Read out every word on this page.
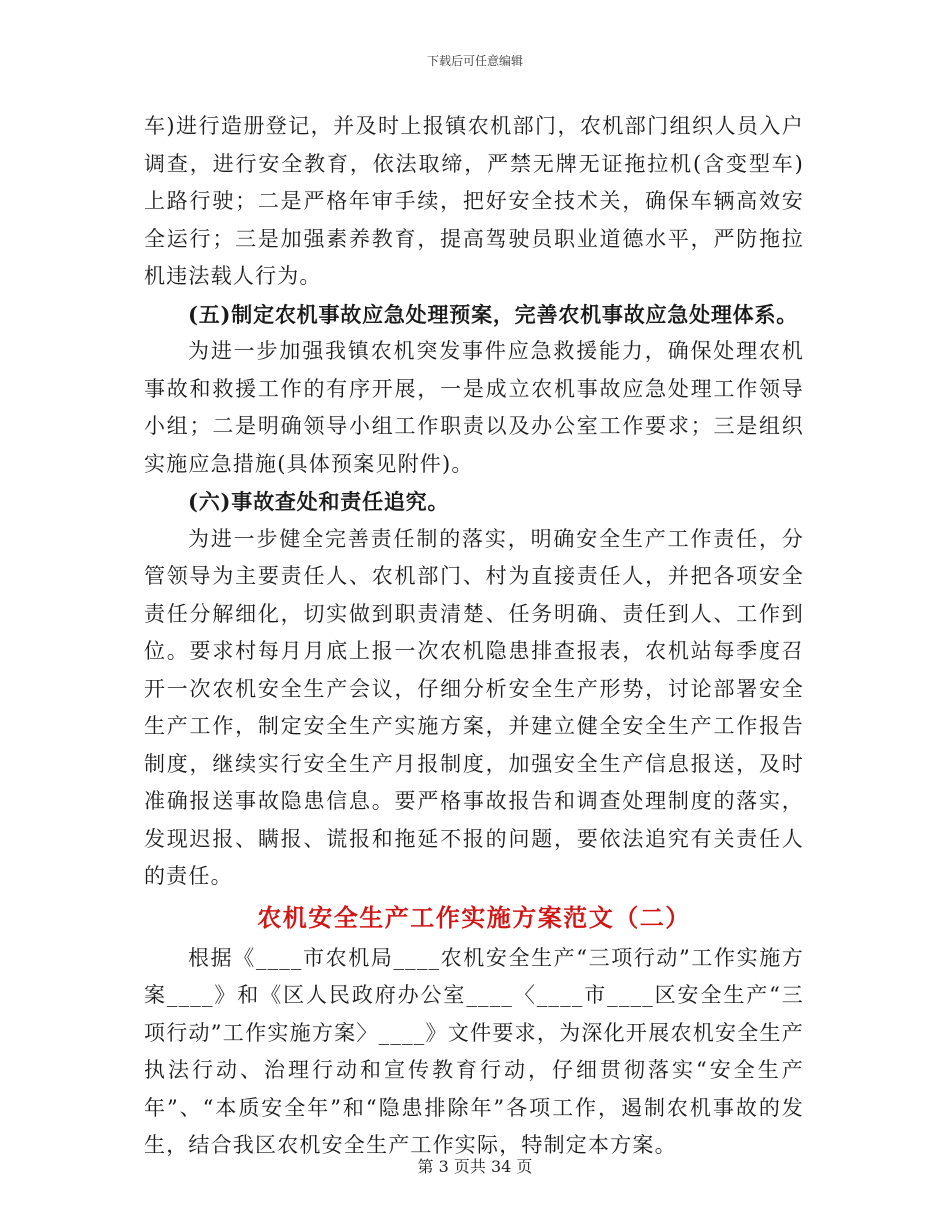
下载后可任意编辑

车)进行造册登记，并及时上报镇农机部门，农机部门组织人员入户调查，进行安全教育，依法取缔，严禁无牌无证拖拉机(含变型车)上路行驶；二是严格年审手续，把好安全技术关，确保车辆高效安全运行；三是加强素养教育，提高驾驶员职业道德水平，严防拖拉机违法载人行为。

(五)制定农机事故应急处理预案，完善农机事故应急处理体系。

为进一步加强我镇农机突发事件应急救援能力，确保处理农机事故和救援工作的有序开展，一是成立农机事故应急处理工作领导小组；二是明确领导小组工作职责以及办公室工作要求；三是组织实施应急措施(具体预案见附件)。

(六)事故查处和责任追究。

为进一步健全完善责任制的落实，明确安全生产工作责任，分管领导为主要责任人、农机部门、村为直接责任人，并把各项安全责任分解细化，切实做到职责清楚、任务明确、责任到人、工作到位。要求村每月月底上报一次农机隐患排查报表，农机站每季度召开一次农机安全生产会议，仔细分析安全生产形势，讨论部署安全生产工作，制定安全生产实施方案，并建立健全安全生产工作报告制度，继续实行安全生产月报制度，加强安全生产信息报送，及时准确报送事故隐患信息。要严格事故报告和调查处理制度的落实，发现迟报、瞒报、谎报和拖延不报的问题，要依法追究有关责任人的责任。

农机安全生产工作实施方案范文（二）

根据《____市农机局____农机安全生产“三项行动”工作实施方案____》和《区人民政府办公室____〈____市____区安全生产“三项行动”工作实施方案〉____》文件要求，为深化开展农机安全生产执法行动、治理行动和宣传教育行动，仔细贯彻落实“安全生产年”、“本质安全年”和“隐患排除年”各项工作，遏制农机事故的发生，结合我区农机安全生产工作实际，特制定本方案。

第 3 页共 34 页
